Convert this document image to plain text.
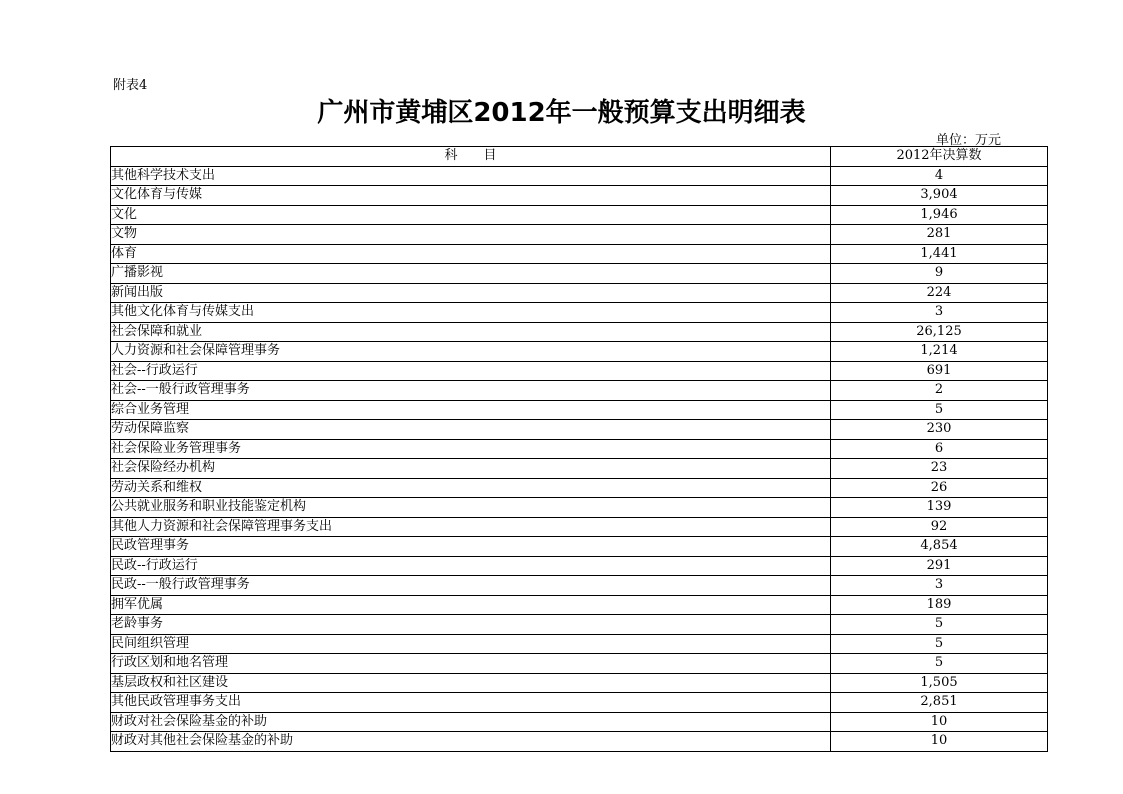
附表4
广州市黄埔区2012年一般预算支出明细表
单位：万元
科　　目	2012年决算数
其他科学技术支出	4
文化体育与传媒	3,904
文化	1,946
文物	281
体育	1,441
广播影视	9
新闻出版	224
其他文化体育与传媒支出	3
社会保障和就业	26,125
人力资源和社会保障管理事务	1,214
社会--行政运行	691
社会--一般行政管理事务	2
综合业务管理	5
劳动保障监察	230
社会保险业务管理事务	6
社会保险经办机构	23
劳动关系和维权	26
公共就业服务和职业技能鉴定机构	139
其他人力资源和社会保障管理事务支出	92
民政管理事务	4,854
民政--行政运行	291
民政--一般行政管理事务	3
拥军优属	189
老龄事务	5
民间组织管理	5
行政区划和地名管理	5
基层政权和社区建设	1,505
其他民政管理事务支出	2,851
财政对社会保险基金的补助	10
财政对其他社会保险基金的补助	10
